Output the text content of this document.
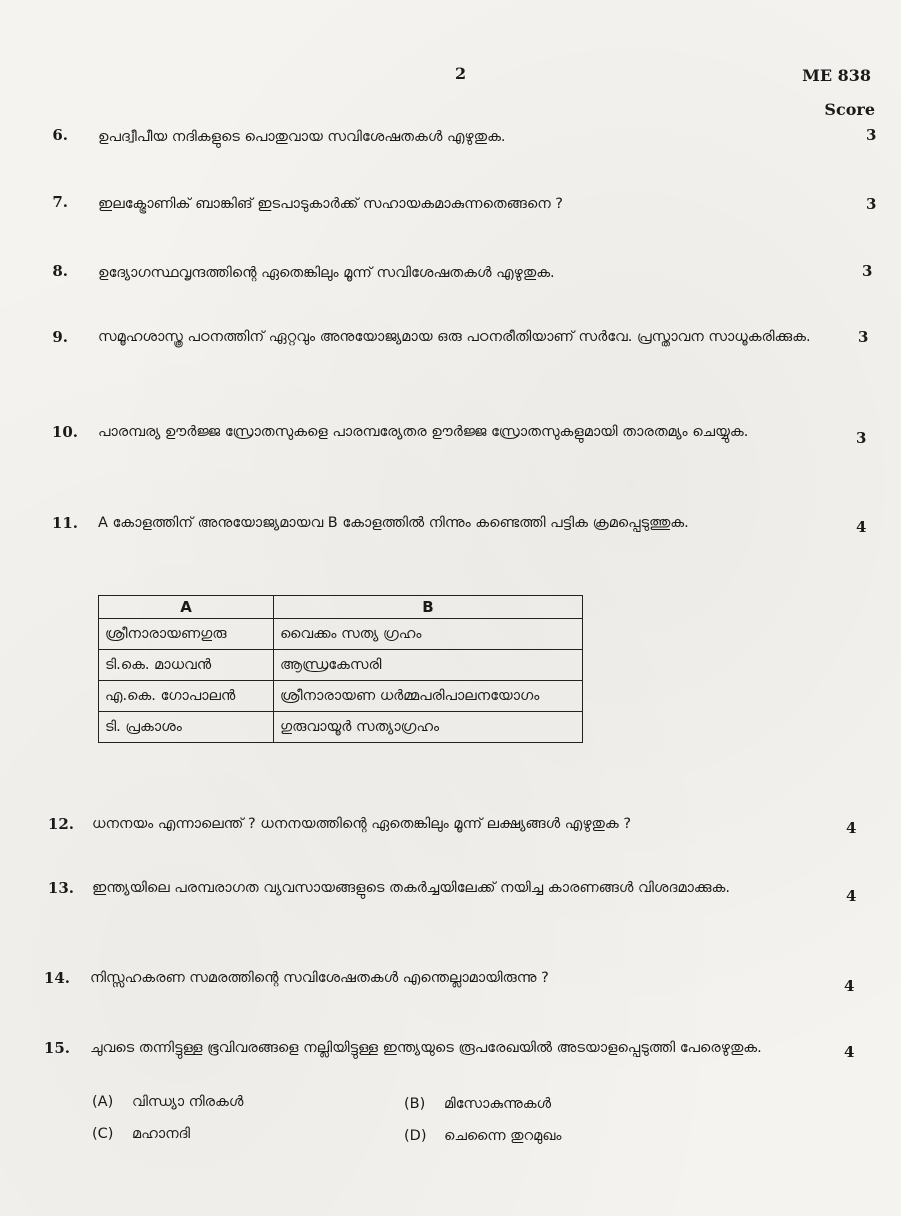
2	ME 838
Score
6. ഉപദ്വീപീയ നദികളുടെ പൊതുവായ സവിശേഷതകൾ എഴുതുക.	3
7. ഇലക്ട്രോണിക് ബാങ്കിങ് ഇടപാടുകാർക്ക് സഹായകമാകുന്നതെങ്ങനെ ?	3
8. ഉദ്യോഗസ്ഥവൃന്ദത്തിന്റെ ഏതെങ്കിലും മൂന്ന് സവിശേഷതകൾ എഴുതുക.	3
9. സമൂഹശാസ്ത്ര പഠനത്തിന് ഏറ്റവും അനുയോജ്യമായ ഒരു പഠനരീതിയാണ് സർവേ. പ്രസ്താവന സാധൂകരിക്കുക.	3
10. പാരമ്പര്യ ഊർജ്ജ സ്രോതസുകളെ പാരമ്പര്യേതര ഊർജ്ജ സ്രോതസുകളുമായി താരതമ്യം ചെയ്യുക.	3
11. A കോളത്തിന് അനുയോജ്യമായവ B കോളത്തിൽ നിന്നും കണ്ടെത്തി പട്ടിക ക്രമപ്പെടുത്തുക.	4
A	B
ശ്രീനാരായണഗുരു	വൈക്കം സത്യ ഗ്രഹം
ടി.കെ. മാധവൻ	ആന്ധ്രകേസരി
എ.കെ. ഗോപാലൻ	ശ്രീനാരായണ ധർമ്മപരിപാലനയോഗം
ടി. പ്രകാശം	ഗുരുവായൂർ സത്യാഗ്രഹം
12. ധനനയം എന്നാലെന്ത് ? ധനനയത്തിന്റെ ഏതെങ്കിലും മൂന്ന് ലക്ഷ്യങ്ങൾ എഴുതുക ?	4
13. ഇന്ത്യയിലെ പരമ്പരാഗത വ്യവസായങ്ങളുടെ തകർച്ചയിലേക്ക് നയിച്ച കാരണങ്ങൾ വിശദമാക്കുക.	4
14. നിസ്സഹകരണ സമരത്തിന്റെ സവിശേഷതകൾ എന്തെല്ലാമായിരുന്നു ?	4
15. ചുവടെ തന്നിട്ടുള്ള ഭൂവിവരങ്ങളെ നല്ലിയിട്ടുള്ള ഇന്ത്യയുടെ രൂപരേഖയിൽ അടയാളപ്പെടുത്തി പേരെഴുതുക.	4
(A) വിന്ധ്യാ നിരകൾ	(B) മിസോകുന്നുകൾ
(C) മഹാനദി	(D) ചെന്നൈ തുറമുഖം
